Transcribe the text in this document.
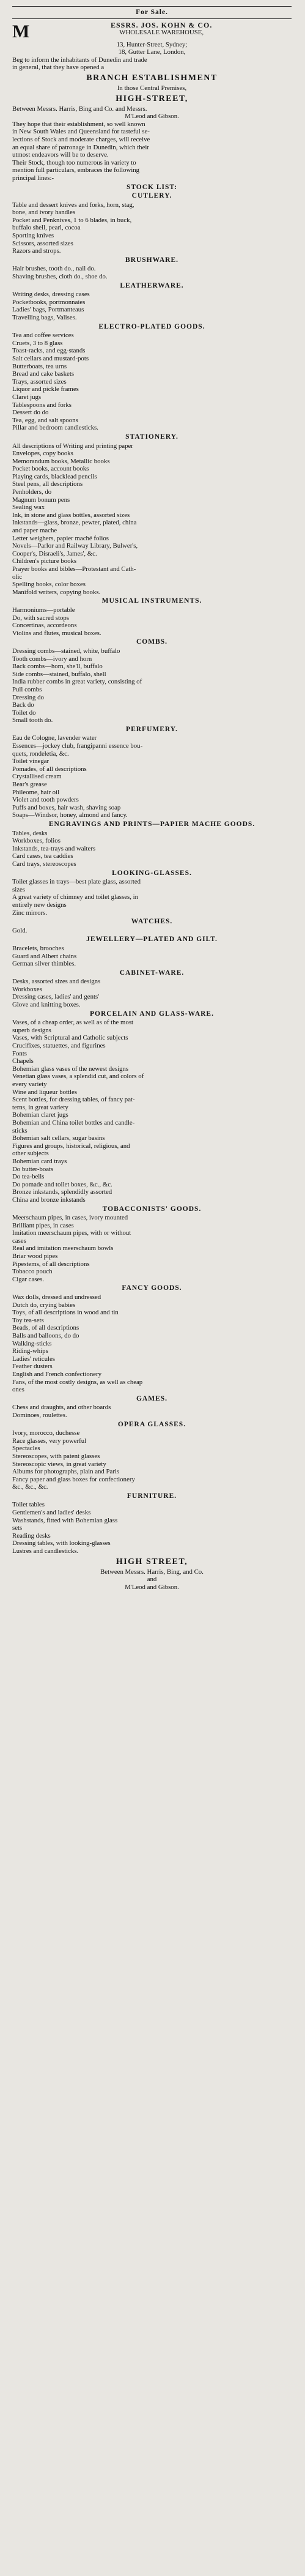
For Sale.
M	ESSRS. JOS. KOHN & CO.
WHOLESALE WAREHOUSE,
13, Hunter-Street, Sydney;
18, Gutter Lane, London,
Beg to inform the inhabitants of Dunedin and trade
in general, that they have opened a
BRANCH ESTABLISHMENT
In those Central Premises,
HIGH-STREET,
Between Messrs. Harris, Bing and Co. and Messrs.
M'Leod and Gibson.
They hope that their establishment, so well known
in New South Wales and Queensland for tasteful se-
lections of Stock and moderate charges, will receive
an equal share of patronage in Dunedin, which their
utmost endeavors will be to deserve.
Their Stock, though too numerous in variety to
mention full particulars, embraces the following
principal lines:-
STOCK LIST:
CUTLERY.
Table and dessert knives and forks, horn, stag,
bone, and ivory handles
Pocket and Penknives, 1 to 6 blades, in buck,
buffalo shell, pearl, cocoa
Sporting knives
Scissors, assorted sizes
Razors and strops.
BRUSHWARE.
Hair brushes, tooth do., nail do.
Shaving brushes, cloth do., shoe do.
LEATHERWARE.
Writing desks, dressing cases
Pocketbooks, portmonnaies
Ladies' bags, Portmanteaus
Travelling bags, Valises.
ELECTRO-PLATED GOODS.
Tea and coffee services
Cruets, 3 to 8 glass
Toast-racks, and egg-stands
Salt cellars and mustard-pots
Butterboats, tea urns
Bread and cake baskets
Trays, assorted sizes
Liquor and pickle frames
Claret jugs
Tablespoons and forks
Dessert do do
Tea, egg, and salt spoons
Pillar and bedroom candlesticks.
STATIONERY.
All descriptions of Writing and printing paper
Envelopes, copy books
Memorandum books, Metallic books
Pocket books, account books
Playing cards, blacklead pencils
Steel pens, all descriptions
Penholders, do
Magnum bonum pens
Sealing wax
Ink, in stone and glass bottles, assorted sizes
Inkstands—glass, bronze, pewter, plated, china
and paper mache
Letter weighers, papier maché folios
Novels—Parlor and Railway Library, Bulwer's,
Cooper's, Disraeli's, James', &c.
Children's picture books
Prayer books and bibles—Protestant and Cath-
olic
Spelling books, color boxes
Manifold writers, copying books.
MUSICAL INSTRUMENTS.
Harmoniums—portable
Do, with sacred stops
Concertinas, accordeons
Violins and flutes, musical boxes.
COMBS.
Dressing combs—stained, white, buffalo
Tooth combs—ivory and horn
Back combs—horn, she'll, buffalo
Side combs—stained, buffalo, shell
India rubber combs in great variety, consisting of
Pull combs
Dressing do
Back do
Toilet do
Small tooth do.
PERFUMERY.
Eau de Cologne, lavender water
Essences—jockey club, frangipanni essence bou-
quets, rondeletia, &c.
Toilet vinegar
Pomades, of all descriptions
Crystallised cream
Bear's grease
Phileome, hair oil
Violet and tooth powders
Puffs and boxes, hair wash, shaving soap
Soaps—Windsor, honey, almond and fancy.
ENGRAVINGS AND PRINTS—PAPIER MACHE GOODS.
Tables, desks
Workboxes, folios
Inkstands, tea-trays and waiters
Card cases, tea caddies
Card trays, stereoscopes
LOOKING-GLASSES.
Toilet glasses in trays—best plate glass, assorted
sizes
A great variety of chimney and toilet glasses, in
entirely new designs
Zinc mirrors.
WATCHES.
Gold.
JEWELLERY—PLATED AND GILT.
Bracelets, brooches
Guard and Albert chains
German silver thimbles.
CABINET-WARE.
Desks, assorted sizes and designs
Workboxes
Dressing cases, ladies' and gents'
Glove and knitting boxes.
PORCELAIN AND GLASS-WARE.
Vases, of a cheap order, as well as of the most
superb designs
Vases, with Scriptural and Catholic subjects
Crucifixes, statuettes, and figurines
Fonts
Chapels
Bohemian glass vases of the newest designs
Venetian glass vases, a splendid cut, and colors of
every variety
Wine and liqueur bottles
Scent bottles, for dressing tables, of fancy pat-
terns, in great variety
Bohemian claret jugs
Bohemian and China toilet bottles and candle-
sticks
Bohemian salt cellars, sugar basins
Figures and groups, historical, religious, and
other subjects
Bohemian card trays
Do butter-boats
Do tea-bells
Do pomade and toilet boxes, &c., &c.
Bronze inkstands, splendidly assorted
China and bronze inkstands
TOBACCONISTS' GOODS.
Meerschaum pipes, in cases, ivory mounted
Brilliant pipes, in cases
Imitation meerschaum pipes, with or without
cases
Real and imitation meerschaum bowls
Briar wood pipes
Pipestems, of all descriptions
Tobacco pouch
Cigar cases.
FANCY GOODS.
Wax dolls, dressed and undressed
Dutch do, crying babies
Toys, of all descriptions in wood and tin
Toy tea-sets
Beads, of all descriptions
Balls and balloons, do do
Walking-sticks
Riding-whips
Ladies' reticules
Feather dusters
English and French confectionery
Fans, of the most costly designs, as well as cheap
ones
GAMES.
Chess and draughts, and other boards
Dominoes, roulettes.
OPERA GLASSES.
Ivory, morocco, duchesse
Race glasses, very powerful
Spectacles
Stereoscopes, with patent glasses
Stereoscopic views, in great variety
Albums for photographs, plain and Paris
Fancy paper and glass boxes for confectionery
&c., &c., &c.
FURNITURE.
Toilet tables
Gentlemen's and ladies' desks
Washstands, fitted with Bohemian glass
sets
Reading desks
Dressing tables, with looking-glasses
Lustres and candlesticks.
HIGH STREET,
Between Messrs. Harris, Bing, and Co.
and
M'Leod and Gibson.
